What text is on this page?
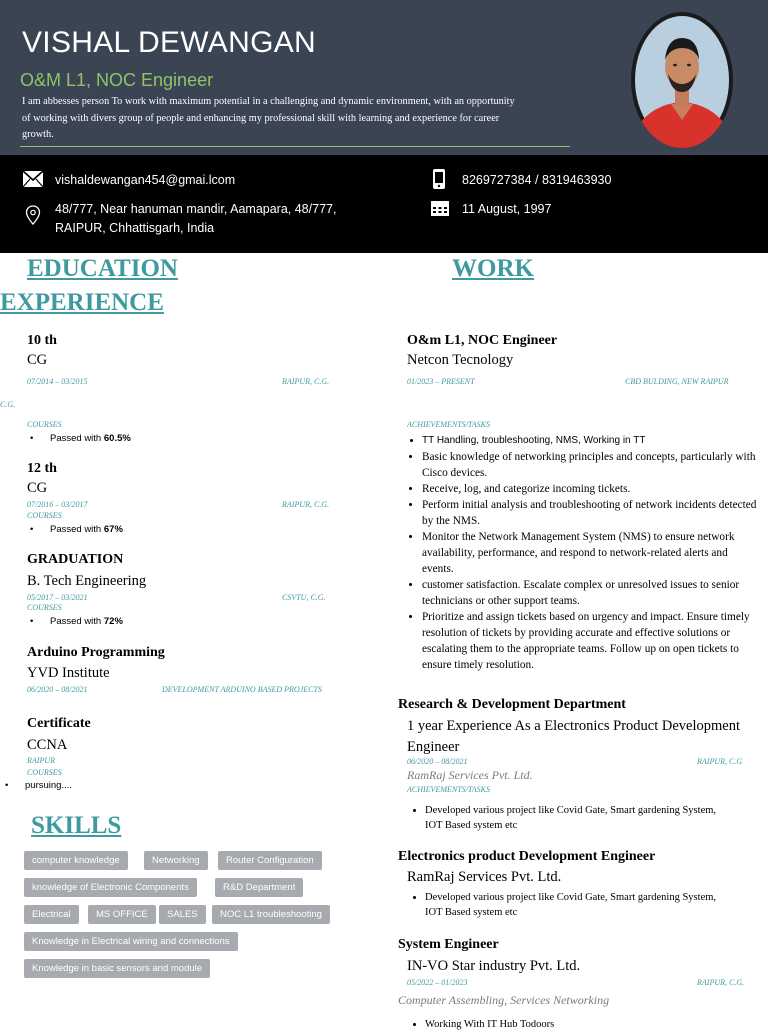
VISHAL DEWANGAN
O&M L1, NOC Engineer
I am abbesses person To work with maximum potential in a challenging and dynamic environment, with an opportunity of working with divers group of people and enhancing my professional skill with learning and experience for career growth.
vishaldewangan454@gmai.lcom	8269727384 / 8319463930
48/777, Near hanuman mandir, Aamapara, 48/777,
RAIPUR, Chhattisgarh, India
11 August, 1997
EDUCATION
EXPERIENCE
WORK
10 th
CG
07/2014 – 03/2015	RAIPUR, C.G.
C.G.
COURSES
• Passed with 60.5%
12 th
CG
07/2016 – 03/2017	RAIPUR, C.G.
COURSES
• Passed with 67%
GRADUATION
B. Tech Engineering
05/2017 – 03/2021	CSVTU, C.G.
COURSES
• Passed with 72%
Arduino Programming
YVD Institute
06/2020 – 08/2021	DEVELOPMENT ARDUINO BASED PROJECTS
Certificate
CCNA
RAIPUR
COURSES
• pursuing....
SKILLS
computer knowledge	Networking	Router Configuration
knowledge of Electronic Components	R&D Department
Electrical	MS OFFICE	SALES	NOC L1 troubleshooting
Knowledge in Electrical wiring and connections
Knowledge in basic sensors and module
O&m L1, NOC Engineer
Netcon Tecnology
01/2023 – PRESENT	CBD BULDING, NEW RAIPUR
ACHIEVEMENTS/TASKS
• TT Handling, troubleshooting, NMS, Working in TT
• Basic knowledge of networking principles and concepts, particularly with Cisco devices.
• Receive, log, and categorize incoming tickets.
• Perform initial analysis and troubleshooting of network incidents detected by the NMS.
• Monitor the Network Management System (NMS) to ensure network availability, performance, and respond to network-related alerts and events.
• customer satisfaction. Escalate complex or unresolved issues to senior technicians or other support teams.
• Prioritize and assign tickets based on urgency and impact. Ensure timely resolution of tickets by providing accurate and effective solutions or escalating them to the appropriate teams. Follow up on open tickets to ensure timely resolution.
Research & Development Department
1 year Experience As a Electronics Product Development Engineer
06/2020 – 08/2021	RAIPUR, C.G
RamRaj Services Pvt. Ltd.
ACHIEVEMENTS/TASKS
• Developed various project like Covid Gate, Smart gardening System, IOT Based system etc
Electronics product Development Engineer
RamRaj Services Pvt. Ltd.
• Developed various project like Covid Gate, Smart gardening System, IOT Based system etc
System Engineer
IN-VO Star industry Pvt. Ltd.
05/2022 – 01/2023	RAIPUR, C.G.
Computer Assembling, Services Networking
• Working With IT Hub Todoors
